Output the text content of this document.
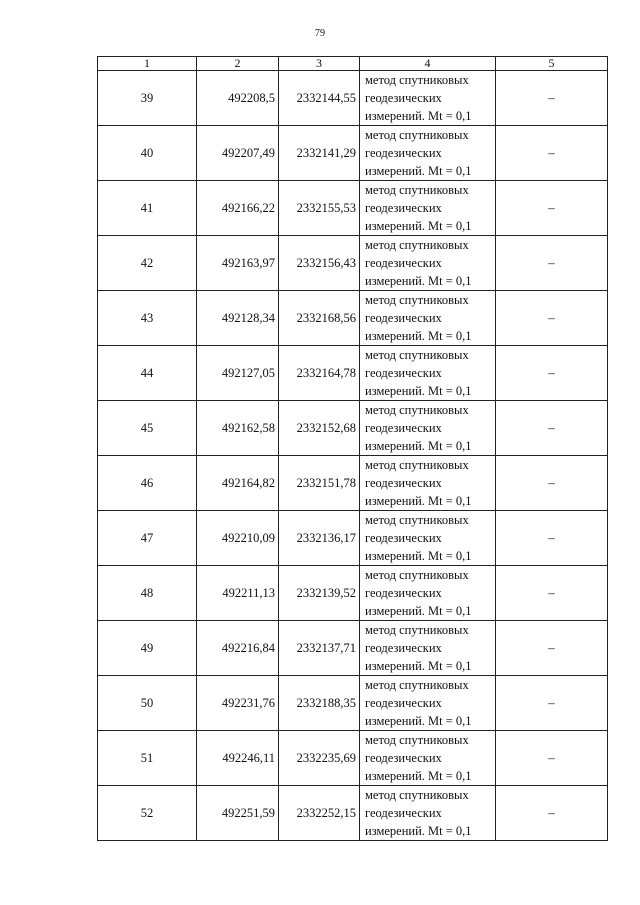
79
1	2	3	4	5
39	492208,5	2332144,55	метод спутниковых
геодезических
измерений. Mt = 0,1	–
40	492207,49	2332141,29	метод спутниковых
геодезических
измерений. Mt = 0,1	–
41	492166,22	2332155,53	метод спутниковых
геодезических
измерений. Mt = 0,1	–
42	492163,97	2332156,43	метод спутниковых
геодезических
измерений. Mt = 0,1	–
43	492128,34	2332168,56	метод спутниковых
геодезических
измерений. Mt = 0,1	–
44	492127,05	2332164,78	метод спутниковых
геодезических
измерений. Mt = 0,1	–
45	492162,58	2332152,68	метод спутниковых
геодезических
измерений. Mt = 0,1	–
46	492164,82	2332151,78	метод спутниковых
геодезических
измерений. Mt = 0,1	–
47	492210,09	2332136,17	метод спутниковых
геодезических
измерений. Mt = 0,1	–
48	492211,13	2332139,52	метод спутниковых
геодезических
измерений. Mt = 0,1	–
49	492216,84	2332137,71	метод спутниковых
геодезических
измерений. Mt = 0,1	–
50	492231,76	2332188,35	метод спутниковых
геодезических
измерений. Mt = 0,1	–
51	492246,11	2332235,69	метод спутниковых
геодезических
измерений. Mt = 0,1	–
52	492251,59	2332252,15	метод спутниковых
геодезических
измерений. Mt = 0,1	–
